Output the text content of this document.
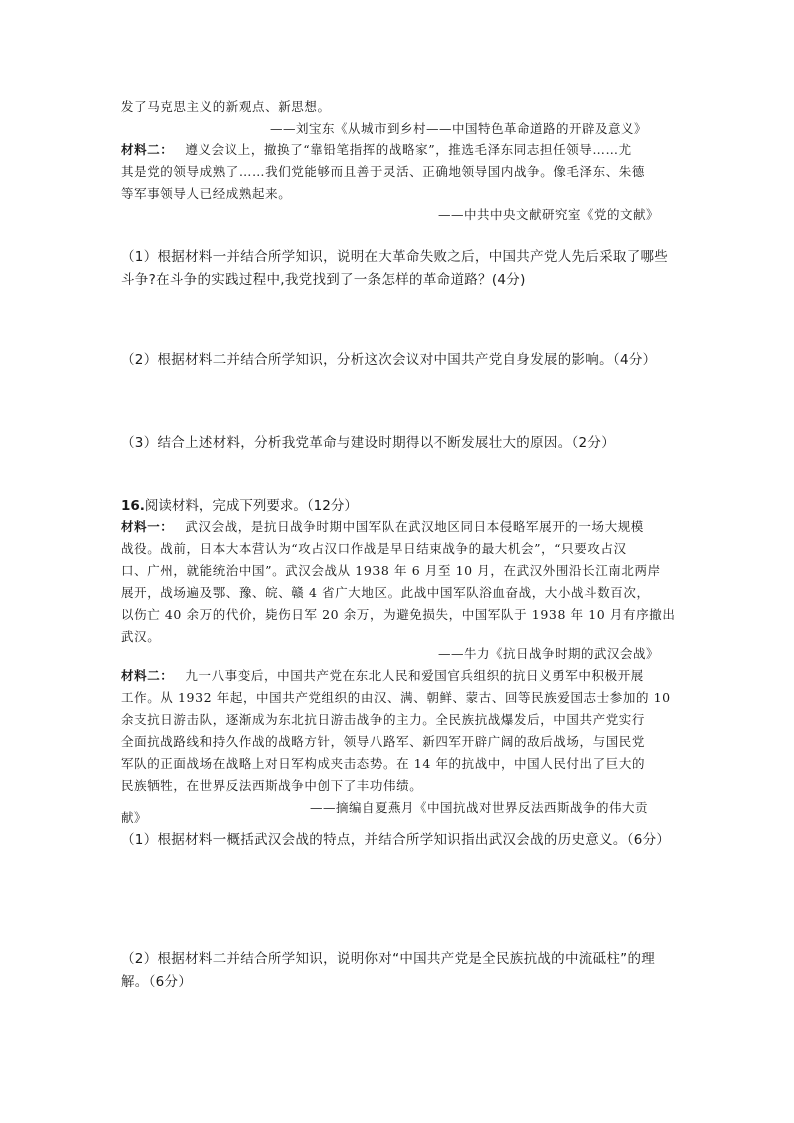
发了马克思主义的新观点、新思想。
——刘宝东《从城市到乡村——中国特色革命道路的开辟及意义》
材料二： 遵义会议上，撤换了“靠铅笔指挥的战略家”，推选毛泽东同志担任领导……尤
其是党的领导成熟了……我们党能够而且善于灵活、正确地领导国内战争。像毛泽东、朱德
等军事领导人已经成熟起来。
——中共中央文献研究室《党的文献》
（1）根据材料一并结合所学知识，说明在大革命失败之后，中国共产党人先后采取了哪些
斗争?在斗争的实践过程中,我党找到了一条怎样的革命道路？(4分)
（2）根据材料二并结合所学知识，分析这次会议对中国共产党自身发展的影响。（4分）
（3）结合上述材料，分析我党革命与建设时期得以不断发展壮大的原因。（2分）
16.阅读材料，完成下列要求。（12分）
材料一： 武汉会战，是抗日战争时期中国军队在武汉地区同日本侵略军展开的一场大规模
战役。战前，日本大本营认为“攻占汉口作战是早日结束战争的最大机会”，“只要攻占汉
口、广州，就能统治中国”。武汉会战从 1938 年 6 月至 10 月，在武汉外围沿长江南北两岸
展开，战场遍及鄂、豫、皖、赣 4 省广大地区。此战中国军队浴血奋战，大小战斗数百次，
以伤亡 40 余万的代价，毙伤日军 20 余万，为避免损失，中国军队于 1938 年 10 月有序撤出
武汉。
——牛力《抗日战争时期的武汉会战》
材料二： 九一八事变后，中国共产党在东北人民和爱国官兵组织的抗日义勇军中积极开展
工作。从 1932 年起，中国共产党组织的由汉、满、朝鲜、蒙古、回等民族爱国志士参加的 10
余支抗日游击队，逐渐成为东北抗日游击战争的主力。全民族抗战爆发后，中国共产党实行
全面抗战路线和持久作战的战略方针，领导八路军、新四军开辟广阔的敌后战场，与国民党
军队的正面战场在战略上对日军构成夹击态势。在 14 年的抗战中，中国人民付出了巨大的
民族牺牲，在世界反法西斯战争中创下了丰功伟绩。
——摘编自夏燕月《中国抗战对世界反法西斯战争的伟大贡
献》
（1）根据材料一概括武汉会战的特点，并结合所学知识指出武汉会战的历史意义。（6分）
（2）根据材料二并结合所学知识，说明你对“中国共产党是全民族抗战的中流砥柱”的理
解。（6分）
